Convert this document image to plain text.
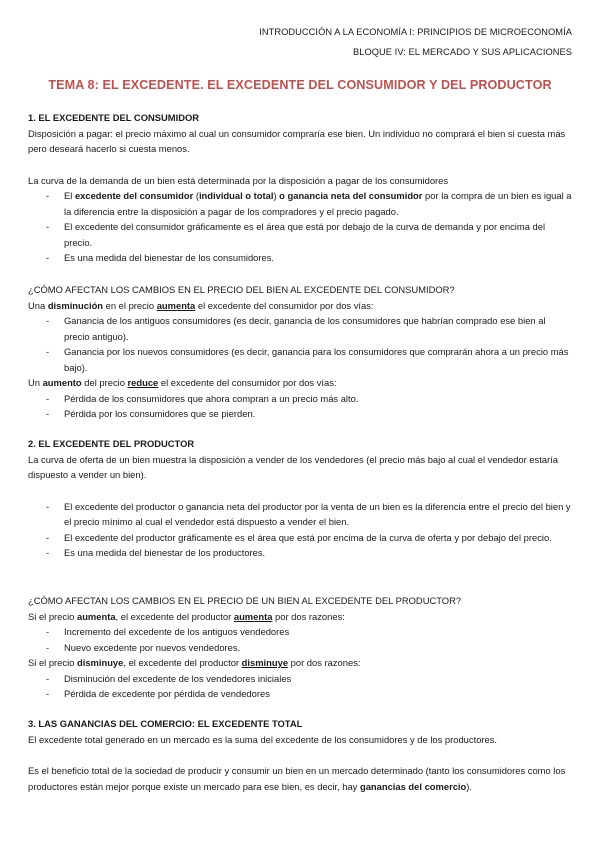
INTRODUCCIÓN A LA ECONOMÍA I: PRINCIPIOS DE MICROECONOMÍA
BLOQUE IV: EL MERCADO Y SUS APLICACIONES
TEMA 8: EL EXCEDENTE. EL EXCEDENTE DEL CONSUMIDOR Y DEL PRODUCTOR
1. EL EXCEDENTE DEL CONSUMIDOR

Disposición a pagar: el precio máximo al cual un consumidor compraría ese bien. Un individuo no comprará el bien si cuesta más pero deseará hacerlo si cuesta menos.

La curva de la demanda de un bien está determinada por la disposición a pagar de los consumidores

- El excedente del consumidor (individual o total) o ganancia neta del consumidor por la compra de un bien es igual a la diferencia entre la disposición a pagar de los compradores y el precio pagado.
- El excedente del consumidor gráficamente es el área que está por debajo de la curva de demanda y por encima del precio.
- Es una medida del bienestar de los consumidores.
¿CÓMO AFECTAN LOS CAMBIOS EN EL PRECIO DEL BIEN AL EXCEDENTE DEL CONSUMIDOR?

Una disminución en el precio aumenta el excedente del consumidor por dos vías:

- Ganancia de los antiguos consumidores (es decir, ganancia de los consumidores que habrían comprado ese bien al precio antiguo).
- Ganancia por los nuevos consumidores (es decir, ganancia para los consumidores que comprarán ahora a un precio más bajo).

Un aumento del precio reduce el excedente del consumidor por dos vías:

- Pérdida de los consumidores que ahora compran a un precio más alto.
- Pérdida por los consumidores que se pierden.
2. EL EXCEDENTE DEL PRODUCTOR

La curva de oferta de un bien muestra la disposición a vender de los vendedores (el precio más bajo al cual el vendedor estaría dispuesto a vender un bien).

- El excedente del productor o ganancia neta del productor por la venta de un bien es la diferencia entre el precio del bien y el precio mínimo al cual el vendedor está dispuesto a vender el bien.
- El excedente del productor gráficamente es el área que está por encima de la curva de oferta y por debajo del precio.
- Es una medida del bienestar de los productores.
¿CÓMO AFECTAN LOS CAMBIOS EN EL PRECIO DE UN BIEN AL EXCEDENTE DEL PRODUCTOR?

Si el precio aumenta, el excedente del productor aumenta por dos razones:

- Incremento del excedente de los antiguos vendedores
- Nuevo excedente por nuevos vendedores.

Si el precio disminuye, el excedente del productor disminuye por dos razones:

- Disminución del excedente de los vendedores iniciales
- Pérdida de excedente por pérdida de vendedores
3. LAS GANANCIAS DEL COMERCIO: EL EXCEDENTE TOTAL

El excedente total generado en un mercado es la suma del excedente de los consumidores y de los productores.

Es el beneficio total de la sociedad de producir y consumir un bien en un mercado determinado (tanto los consumidores como los productores están mejor porque existe un mercado para ese bien, es decir, hay ganancias del comercio).
